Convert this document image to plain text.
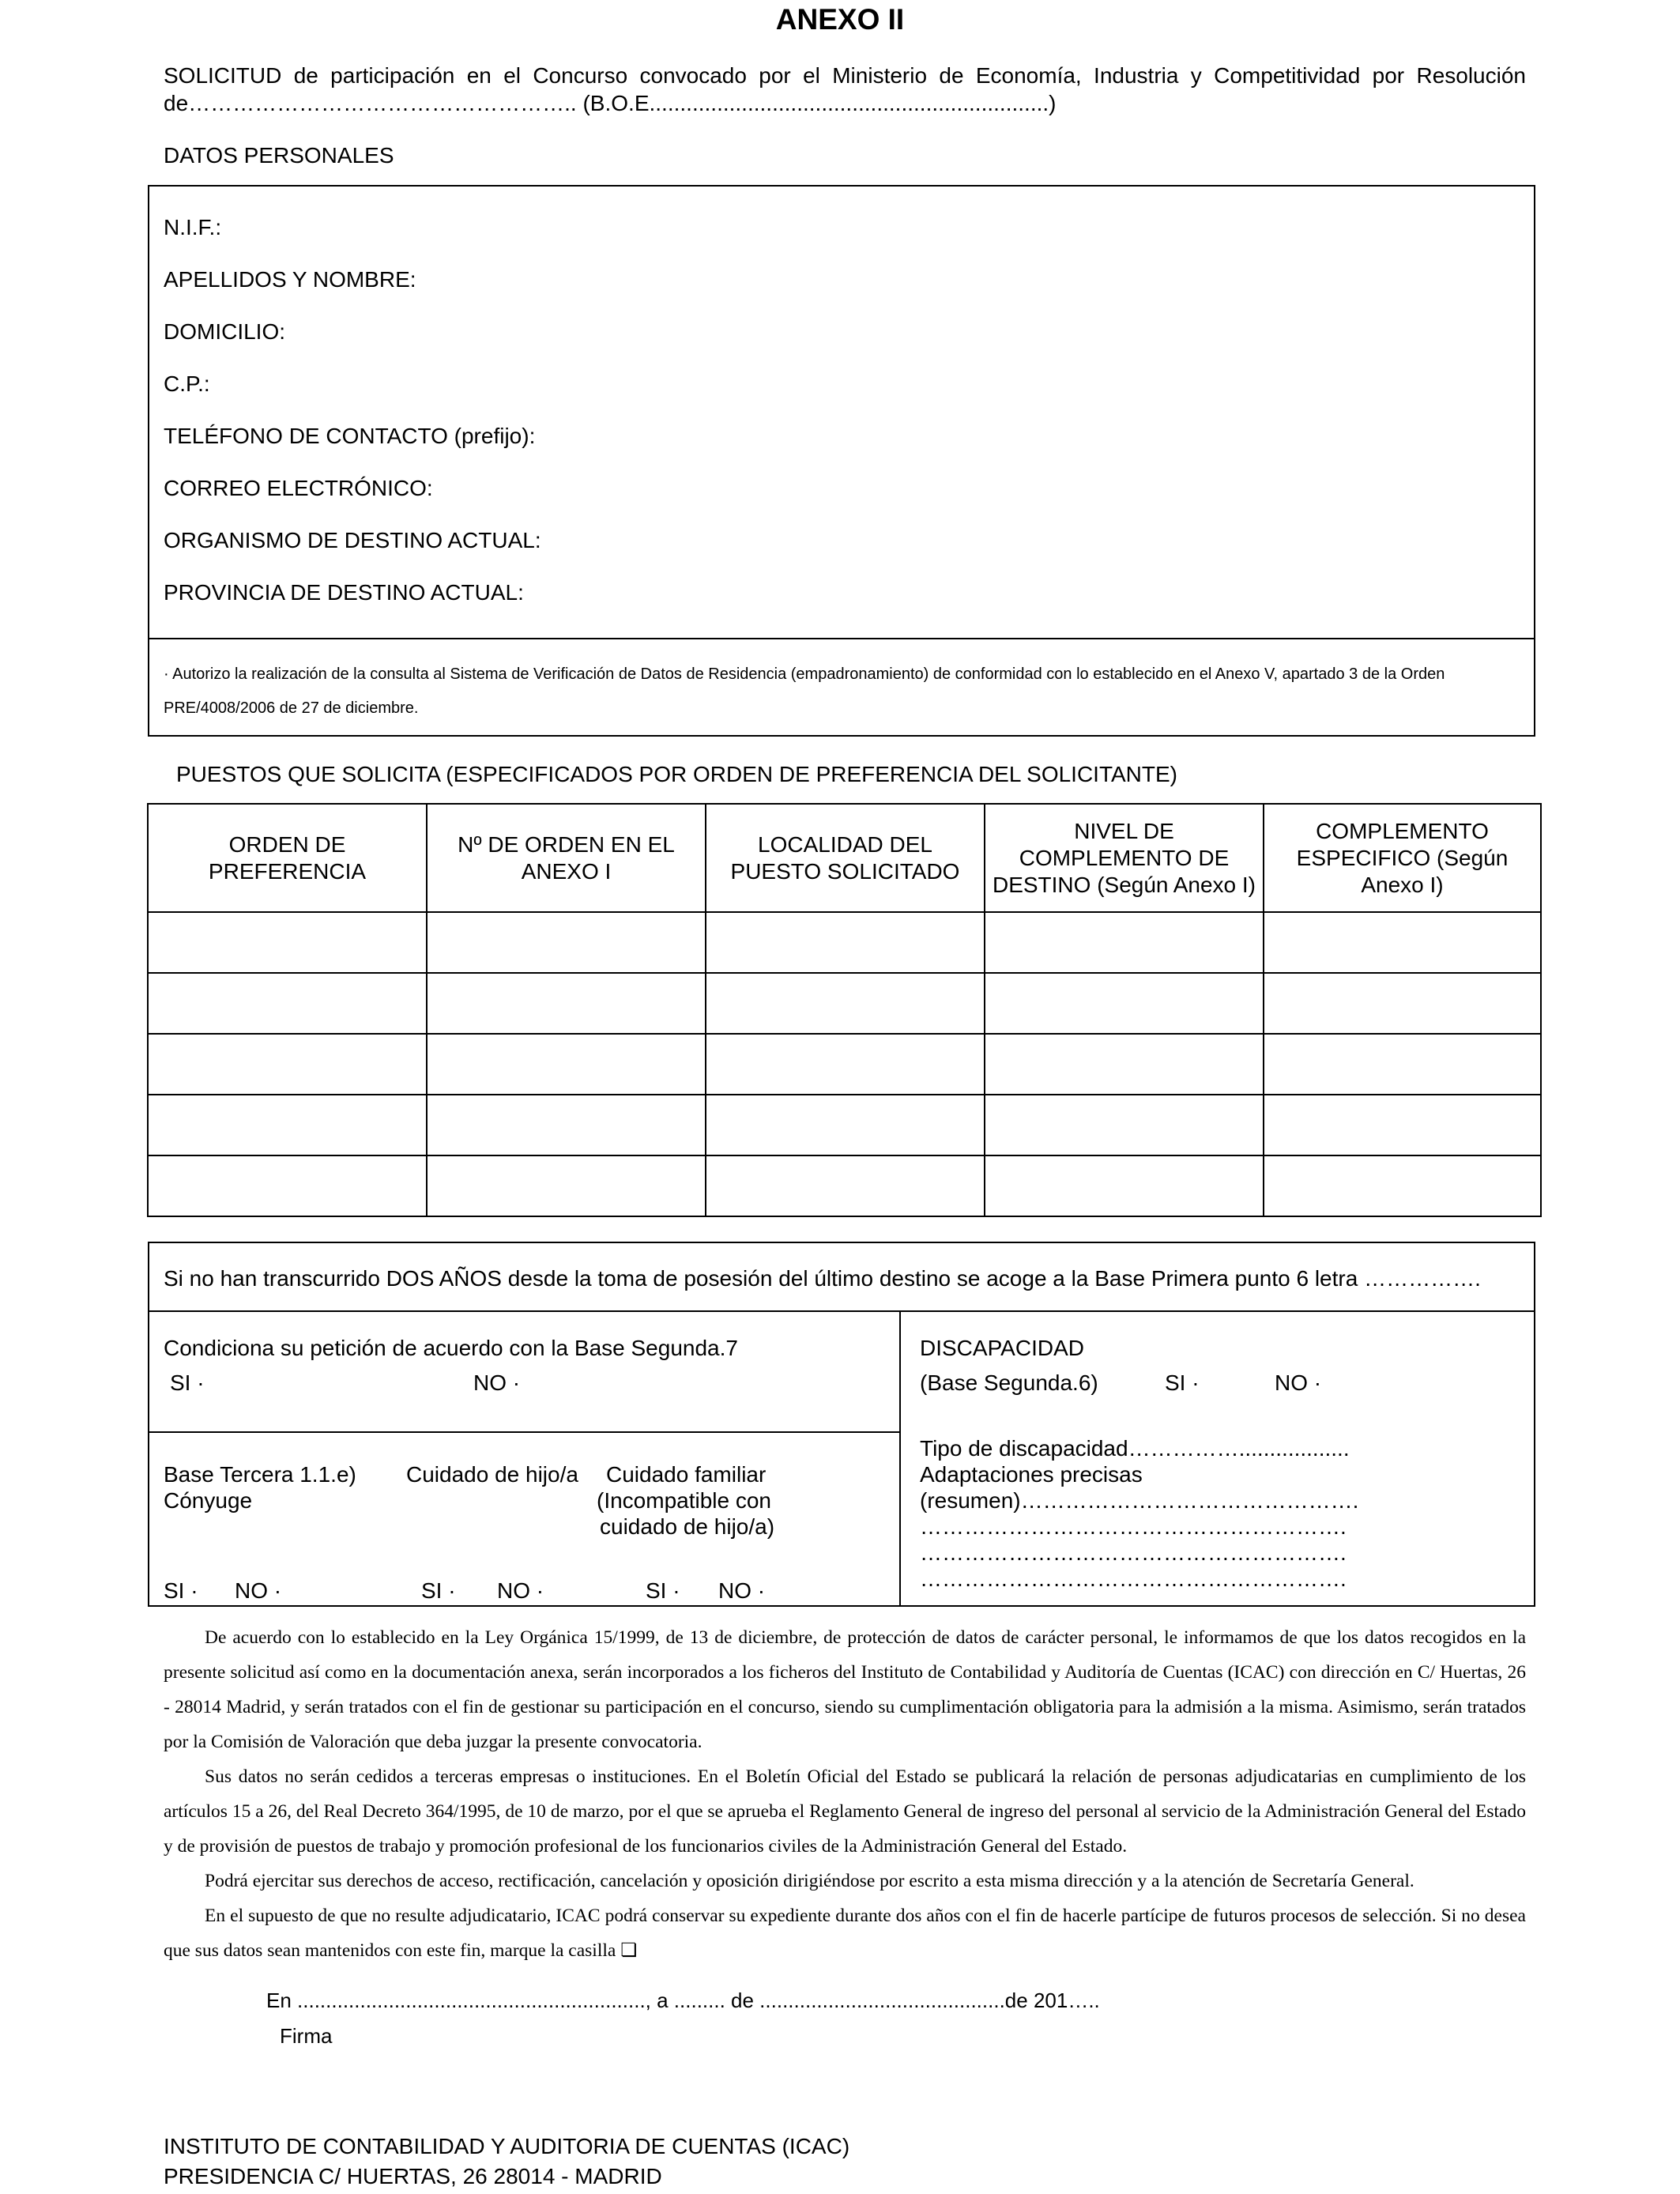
ANEXO II
SOLICITUD de participación en el Concurso convocado por el Ministerio de Economía, Industria y Competitividad por Resolución de…………………………………………….. (B.O.E.................................................................)
DATOS PERSONALES
N.I.F.:
APELLIDOS Y NOMBRE:
DOMICILIO:
C.P.:
TELÉFONO DE CONTACTO (prefijo):
CORREO ELECTRÓNICO:
ORGANISMO DE DESTINO ACTUAL:
PROVINCIA DE DESTINO ACTUAL:
· Autorizo la realización de la consulta al Sistema de Verificación de Datos de Residencia (empadronamiento) de conformidad con lo establecido en el Anexo V, apartado 3 de la Orden PRE/4008/2006 de 27 de diciembre.
PUESTOS QUE SOLICITA (ESPECIFICADOS POR ORDEN DE PREFERENCIA DEL SOLICITANTE)
ORDEN DE PREFERENCIA	Nº DE ORDEN EN EL ANEXO I	LOCALIDAD DEL PUESTO SOLICITADO	NIVEL DE COMPLEMENTO DE DESTINO (Según Anexo I)	COMPLEMENTO ESPECIFICO (Según Anexo I)

Si no han transcurrido DOS AÑOS desde la toma de posesión del último destino se acoge a la Base Primera punto 6 letra …………….
Condiciona su petición de acuerdo con la Base Segunda.7
SI ·	NO ·
Base Tercera 1.1.e)
Cónyuge
Cuidado de hijo/a Cuidado familiar
(Incompatible con
cuidado de hijo/a)
SI · NO ·	SI · NO ·	SI · NO ·
DISCAPACIDAD
(Base Segunda.6)	SI ·	NO ·
Tipo de discapacidad……………..................
Adaptaciones precisas
(resumen)……………………………………….
………………………………………………….
………………………………………………….
………………………………………………….

De acuerdo con lo establecido en la Ley Orgánica 15/1999, de 13 de diciembre, de protección de datos de carácter personal, le informamos de que los datos recogidos en la presente solicitud así como en la documentación anexa, serán incorporados a los ficheros del Instituto de Contabilidad y Auditoría de Cuentas (ICAC) con dirección en C/ Huertas, 26 - 28014 Madrid, y serán tratados con el fin de gestionar su participación en el concurso, siendo su cumplimentación obligatoria para la admisión a la misma. Asimismo, serán tratados por la Comisión de Valoración que deba juzgar la presente convocatoria.

Sus datos no serán cedidos a terceras empresas o instituciones. En el Boletín Oficial del Estado se publicará la relación de personas adjudicatarias en cumplimiento de los artículos 15 a 26, del Real Decreto 364/1995, de 10 de marzo, por el que se aprueba el Reglamento General de ingreso del personal al servicio de la Administración General del Estado y de provisión de puestos de trabajo y promoción profesional de los funcionarios civiles de la Administración General del Estado.

Podrá ejercitar sus derechos de acceso, rectificación, cancelación y oposición dirigiéndose por escrito a esta misma dirección y a la atención de Secretaría General.

En el supuesto de que no resulte adjudicatario, ICAC podrá conservar su expediente durante dos años con el fin de hacerle partícipe de futuros procesos de selección. Si no desea que sus datos sean mantenidos con este fin, marque la casilla ❏

En ............................................................., a ......... de ...........................................de 201…..
Firma
INSTITUTO DE CONTABILIDAD Y AUDITORIA DE CUENTAS (ICAC)
PRESIDENCIA C/ HUERTAS, 26 28014 - MADRID
